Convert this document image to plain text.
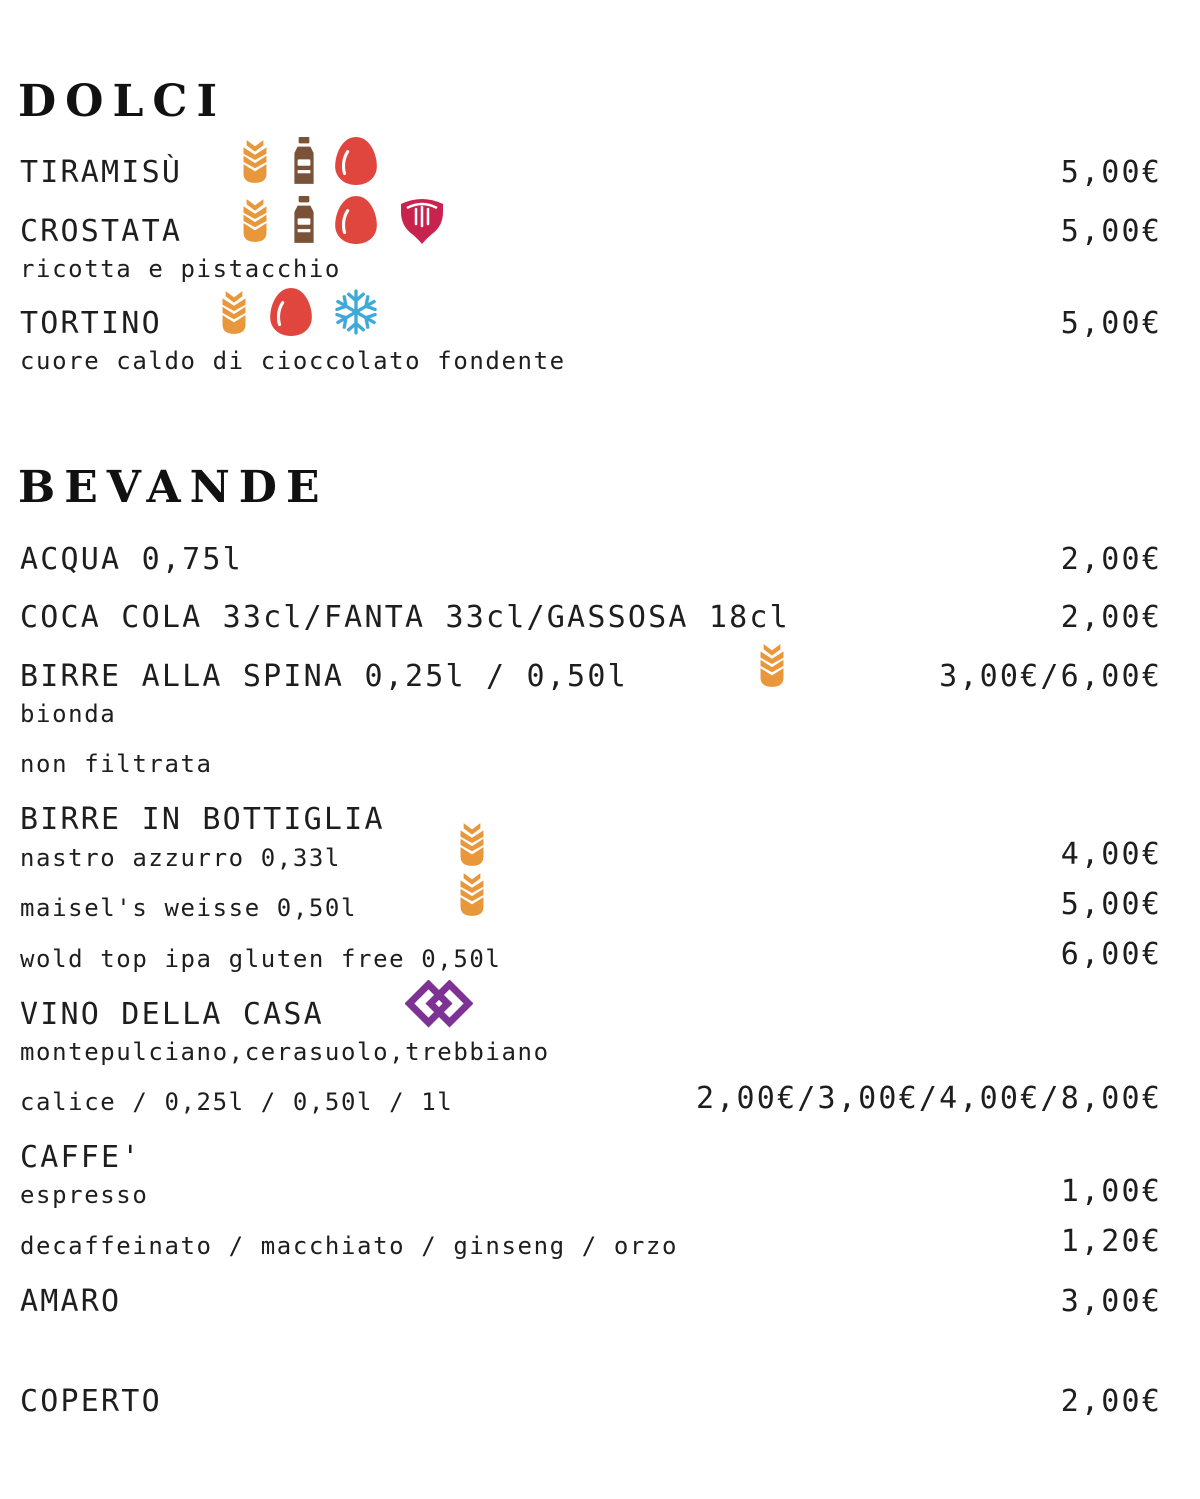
DOLCI
TIRAMISÙ	5,00€
CROSTATA	5,00€
ricotta e pistacchio
TORTINO	5,00€
cuore caldo di cioccolato fondente
BEVANDE
ACQUA 0,75l	2,00€
COCA COLA 33cl/FANTA 33cl/GASSOSA 18cl	2,00€
BIRRE ALLA SPINA 0,25l / 0,50l	3,00€/6,00€
bionda
non filtrata
BIRRE IN BOTTIGLIA
nastro azzurro 0,33l	4,00€
maisel's weisse 0,50l	5,00€
wold top ipa gluten free 0,50l	6,00€
VINO DELLA CASA
montepulciano,cerasuolo,trebbiano
calice / 0,25l / 0,50l / 1l	2,00€/3,00€/4,00€/8,00€
CAFFE'
espresso	1,00€
decaffeinato / macchiato / ginseng / orzo	1,20€
AMARO	3,00€
COPERTO	2,00€
